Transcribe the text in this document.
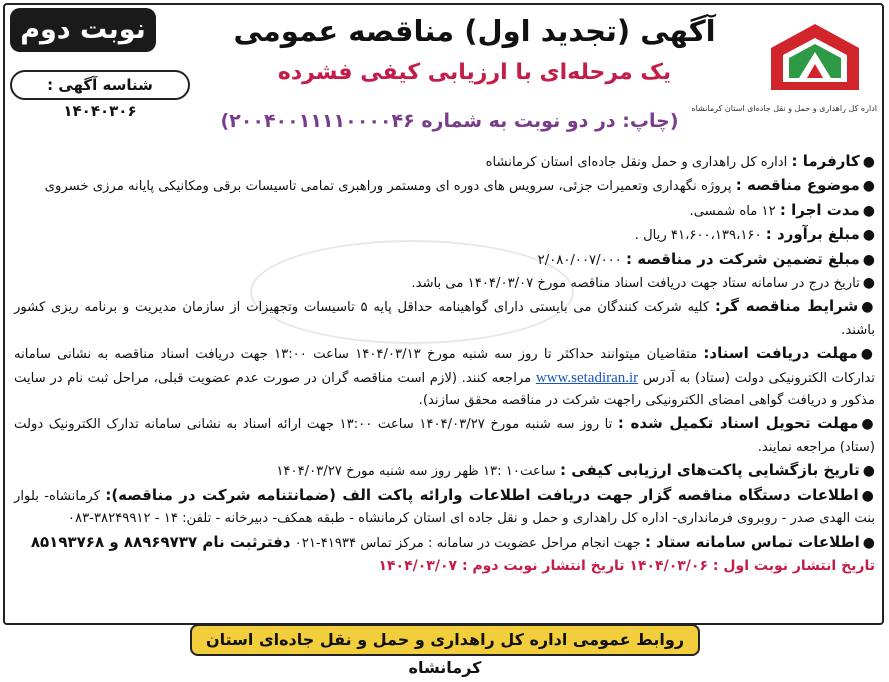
نوبت دوم
شناسه آگهی : ۱۴۰۴۰۳۰۶	اداره کل راهداری و حمل و نقل جاده‌ای استان کرمانشاه
آگهی (تجدید اول) مناقصه عمومی
یک مرحله‌ای با ارزیابی کیفی فشرده
(چاپ: در دو نوبت به شماره ۲۰۰۴۰۰۱۱۱۱۰۰۰۰۴۶)

●کارفرما : اداره کل راهداری و حمل ونقل جاده‌ای استان کرمانشاه

●موضوع مناقصه : پروژه نگهداری وتعمیرات جزئی، سرویس های دوره ای ومستمر وراهبری تمامی تاسیسات برقی ومکانیکی پایانه مرزی خسروی

●مدت اجرا : ۱۲ ماه شمسی.

●مبلغ برآورد : ۴۱،۶۰۰،۱۳۹،۱۶۰ ریال .

●مبلغ تضمین شرکت در مناقصه : ۲/۰۸۰/۰۰۷/۰۰۰

●تاریخ درج در سامانه ستاد جهت دریافت اسناد مناقصه مورخ ۱۴۰۴/۰۳/۰۷ می باشد.

●شرایط مناقصه گر: کلیه شرکت کنندگان می بایستی دارای گواهینامه حداقل پایه ۵ تاسیسات وتجهیزات از سازمان مدیریت و برنامه ریزی کشور باشند.

●مهلت دریافت اسناد: متقاضیان میتوانند حداکثر تا روز سه شنبه مورخ ۱۴۰۴/۰۳/۱۳ ساعت ۱۳:۰۰ جهت دریافت اسناد مناقصه به نشانی سامانه تدارکات الکترونیکی دولت (ستاد) به آدرس www.setadiran.ir مراجعه کنند. (لازم است مناقصه گران در صورت عدم عضویت قبلی، مراحل ثبت نام در سایت مذکور و دریافت گواهی امضای الکترونیکی راجهت شرکت در مناقصه محقق سازند).

●مهلت تحویل اسناد تکمیل شده : تا روز سه شنبه مورخ ۱۴۰۴/۰۳/۲۷ ساعت ۱۳:۰۰ جهت ارائه اسناد به نشانی سامانه تدارک الکترونیک دولت (ستاد) مراجعه نمایند.

●تاریخ بازگشایی پاکت‌های ارزیابی کیفی : ساعت۱۰ :۱۳ ظهر روز سه شنبه مورخ ۱۴۰۴/۰۳/۲۷

●اطلاعات دستگاه مناقصه گزار جهت دریافت اطلاعات وارائه پاکت الف (ضمانتنامه شرکت در مناقصه): کرمانشاه- بلوار بنت الهدی صدر - روبروی فرمانداری- اداره کل راهداری و حمل و نقل جاده ای استان کرمانشاه - طبقه همکف- دبیرخانه - تلفن: ۱۴ - ۳۸۲۴۹۹۱۲-۰۸۳

●اطلاعات تماس سامانه ستاد : جهت انجام مراحل عضویت در سامانه : مرکز تماس ۴۱۹۳۴-۰۲۱ دفترثبت نام ۸۸۹۶۹۷۳۷ و ۸۵۱۹۳۷۶۸

تاریخ انتشار نوبت اول : ۱۴۰۴/۰۳/۰۶ تاریخ انتشار نوبت دوم : ۱۴۰۴/۰۳/۰۷

روابط عمومی اداره کل راهداری و حمل و نقل جاده‌ای استان کرمانشاه
